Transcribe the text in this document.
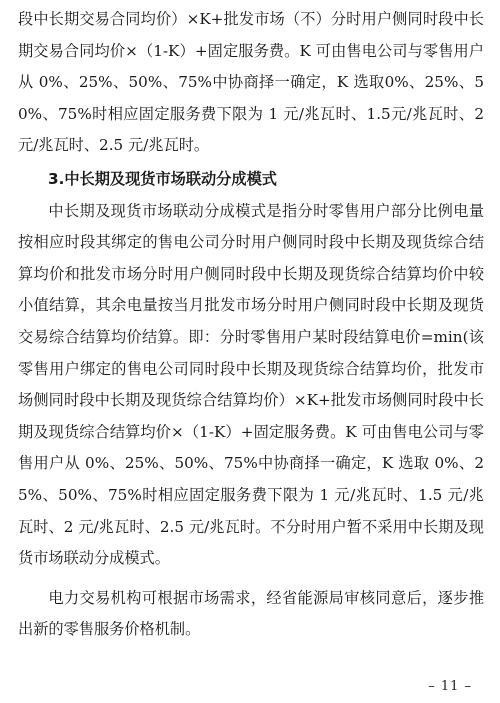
段中长期交易合同均价）×K+批发市场（不）分时用户侧同时段中长期交易合同均价×（1-K）+固定服务费。K 可由售电公司与零售用户从 0%、25%、50%、75%中协商择一确定，K 选取0%、25%、50%、75%时相应固定服务费下限为 1 元/兆瓦时、1.5元/兆瓦时、2 元/兆瓦时、2.5 元/兆瓦时。

3.中长期及现货市场联动分成模式

中长期及现货市场联动分成模式是指分时零售用户部分比例电量按相应时段其绑定的售电公司分时用户侧同时段中长期及现货综合结算均价和批发市场分时用户侧同时段中长期及现货综合结算均价中较小值结算，其余电量按当月批发市场分时用户侧同时段中长期及现货交易综合结算均价结算。即：分时零售用户某时段结算电价=min(该零售用户绑定的售电公司同时段中长期及现货综合结算均价，批发市场侧同时段中长期及现货综合结算均价）×K+批发市场侧同时段中长期及现货综合结算均价×（1-K）+固定服务费。K 可由售电公司与零售用户从 0%、25%、50%、75%中协商择一确定，K 选取 0%、25%、50%、75%时相应固定服务费下限为 1 元/兆瓦时、1.5 元/兆瓦时、2 元/兆瓦时、2.5 元/兆瓦时。不分时用户暂不采用中长期及现货市场联动分成模式。

电力交易机构可根据市场需求，经省能源局审核同意后，逐步推出新的零售服务价格机制。

– 11 –
